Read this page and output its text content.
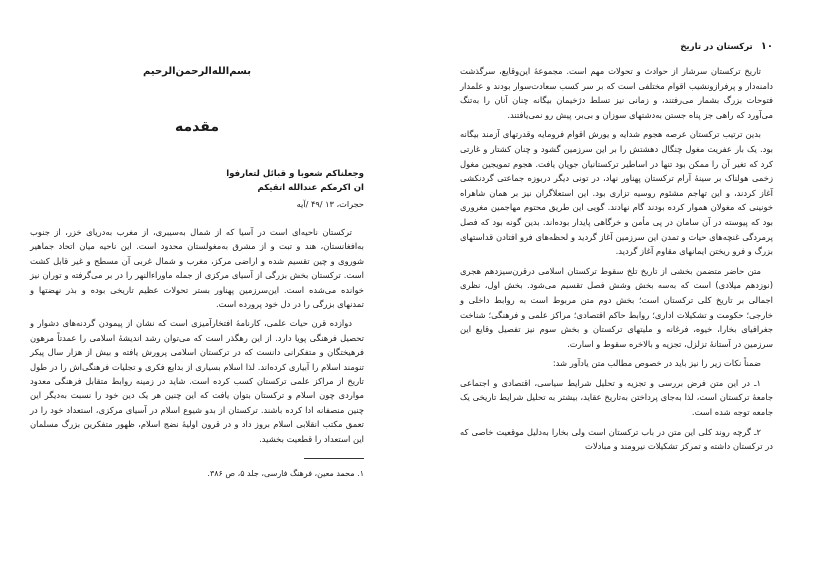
بسم‌الله‌الرحمن‌الرحیم
مقدمه
وجعلناکم شعوبا و قبائل لتعارفوا
ان اکرمکم عندالله اتقیکم
حجرات، ۱۳ /۴۹ /آیه

ترکستان ناحیه‌ای است در آسیا که از شمال به‌سیبری، از مغرب به‌دریای خزر، از جنوب به‌افغانستان، هند و تبت و از مشرق به‌مغولستان محدود است. این ناحیه میان اتحاد جماهیر شوروی و چین تقسیم شده و اراضی مرکز، مغرب و شمال غربی آن مسطح و غیر قابل کشت است. ترکستان بخش بزرگی از آسیای مرکزی از جمله ماوراءالنهر را در بر می‌گرفته و توران نیز خوانده می‌شده است. این‌سرزمین پهناور بستر تحولات عظیم تاریخی بوده و بذر نهضتها و تمدنهای بزرگی را در دل خود پرورده است.

دوازده قرن حیات علمی، کارنامهٔ افتخارآمیزی است که نشان از پیمودن گردنه‌های دشوار و تحصیل فرهنگی پویا دارد. از این رهگذر است که می‌توان رشد اندیشهٔ اسلامی را عمدتاً مرهون فرهیختگان و متفکرانی دانست که در ترکستان اسلامی پرورش یافته و بیش از هزار سال پیکر تنومند اسلام را آبیاری کرده‌اند. لذا اسلام بسیاری از بدایع فکری و تجلیات فرهنگی‌اش را در طول تاریخ از مراکز علمی ترکستان کسب کرده است. شاید در زمینه روابط متقابل فرهنگی معدود مواردی چون اسلام و ترکستان بتوان یافت که این چنین هر یک دین خود را نسبت به‌دیگر این چنین منصفانه ادا کرده باشند. ترکستان از بدو شیوع اسلام در آسیای مرکزی، استعداد خود را در تعمق مکتب انقلابی اسلام بروز داد و در قرون اولیهٔ نضج اسلام، ظهور متفکرین بزرگ مسلمان این استعداد را قطعیت بخشید.

۱. محمد معین، فرهنگ فارسی، جلد ۵، ص ۳۸۶.
۱۰
ترکستان در تاریخ

تاریخ ترکستان سرشار از حوادث و تحولات مهم است. مجموعهٔ این‌وقایع، سرگذشت دامنه‌دار و پرفرازونشیب اقوام مختلفی است که بر سر کسب سعادت‌سوار بودند و علمدار فتوحات بزرگ بشمار می‌رفتند، و زمانی نیز تسلط دژخیمان بیگانه چنان آنان را به‌تنگ می‌آورد که راهی جز پناه جستن به‌دشتهای سوزان و بی‌بر، پیش رو نمی‌یافتند.

بدین ترتیب ترکستان عرصه هجوم شدایه و یورش اقوام فرومایه وقدرتهای آزمند بیگانه بود. یک بار عفریت مغول چنگال دهشتش را بر این سرزمین گشود و چنان کشتار و غارتی کرد که تغیر آن را ممکن بود تنها در اساطیر ترکستانیان جویان یافت. هجوم تمویجین مغول زخمی هولناک بر سینهٔ آرام ترکستان پهناور نهاد، در تونی دیگر دربوزه جماعتی گردنکشی آغاز کردند، و این تهاجم مشئوم روسیه تزاری بود. این استعلاگران نیز بر همان شاهراه خونینی که مغولان هموار کرده بودند گام نهادند. گویی این طریق محتوم مهاجمین مغروری بود که پیوسته در آن سامان در پی مأمن و خرگاهی پایدار بوده‌اند. بدین گونه بود که فصل پرمردگی غنچه‌های حیات و تمدن این سرزمین آغاز گردید و لحظه‌های فرو افتادن قداستهای بزرگ و فرو ریختن ایمانهای مقاوم آغاز گردید.

متن حاضر متضمن بخشی از تاریخ تلخ سقوط ترکستان اسلامی درقرن‌سیزدهم هجری (نوزدهم میلادی) است که به‌سه بخش وشش فصل تقسیم می‌شود. بخش اول، نظری اجمالی بر تاریخ کلی ترکستان است؛ بخش دوم متن مربوط است به روابط داخلی و خارجی؛ حکومت و تشکیلات اداری؛ روابط حاکم اقتصادی؛ مراکز علمی و فرهنگی؛ شناخت جغرافیای بخارا، خیوه، فرغانه و ملیتهای ترکستان و بخش سوم نیز تفصیل وقایع این سرزمین در آستانهٔ تزلزل، تجزیه و بالاخره سقوط و اسارت.

ضمناً نکات زیر را نیز باید در خصوص مطالب متن یادآور شد:

۱ـ در این متن فرض بررسی و تجزیه و تحلیل شرایط سیاسی، اقتصادی و اجتماعی جامعهٔ ترکستان است، لذا به‌جای پرداختن به‌تاریخ عقاید، بیشتر به تحلیل شرایط تاریخی یک جامعه توجه شده است.

۲ـ گرچه روند کلی این متن در باب ترکستان است ولی بخارا به‌دلیل موقعیت خاصی که در ترکستان داشته و تمرکز تشکیلات نیرومند و مبادلات
